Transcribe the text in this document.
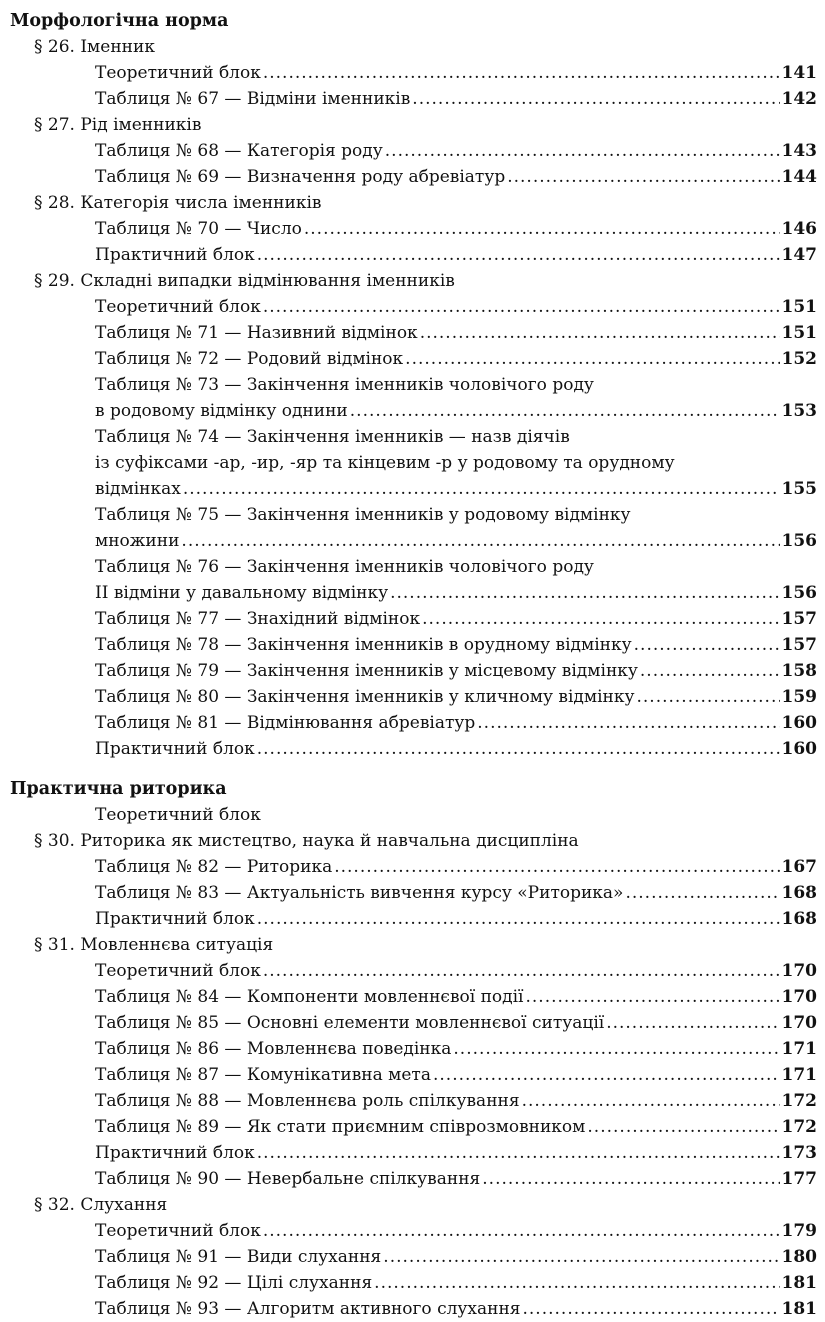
Морфологічна норма
§ 26. Іменник
Теоретичний блок .....	141
Таблиця № 67 — Відміни іменників .....	142
§ 27. Рід іменників
Таблиця № 68 — Категорія роду .....	143
Таблиця № 69 — Визначення роду абревіатур .....	144
§ 28. Категорія числа іменників
Таблиця № 70 — Число .....	146
Практичний блок .....	147
§ 29. Складні випадки відмінювання іменників
Теоретичний блок .....	151
Таблиця № 71 — Називний відмінок .....	151
Таблиця № 72 — Родовий відмінок .....	152
Таблиця № 73 — Закінчення іменників чоловічого роду
в родовому відмінку однини .....	153
Таблиця № 74 — Закінчення іменників — назв діячів
із суфіксами -ар, -ир, -яр та кінцевим -р у родовому та орудному
відмінках .....	155
Таблиця № 75 — Закінчення іменників у родовому відмінку
множини .....	156
Таблиця № 76 — Закінчення іменників чоловічого роду
ІІ відміни у давальному відмінку .....	156
Таблиця № 77 — Знахідний відмінок .....	157
Таблиця № 78 — Закінчення іменників в орудному відмінку .....	157
Таблиця № 79 — Закінчення іменників у місцевому відмінку .....	158
Таблиця № 80 — Закінчення іменників у кличному відмінку .....	159
Таблиця № 81 — Відмінювання абревіатур .....	160
Практичний блок .....	160
Практична риторика
Теоретичний блок
§ 30. Риторика як мистецтво, наука й навчальна дисципліна
Таблиця № 82 — Риторика .....	167
Таблиця № 83 — Актуальність вивчення курсу «Риторика» .....	168
Практичний блок .....	168
§ 31. Мовленнєва ситуація
Теоретичний блок .....	170
Таблиця № 84 — Компоненти мовленнєвої події .....	170
Таблиця № 85 — Основні елементи мовленнєвої ситуації .....	170
Таблиця № 86 — Мовленнєва поведінка .....	171
Таблиця № 87 — Комунікативна мета .....	171
Таблиця № 88 — Мовленнєва роль спілкування .....	172
Таблиця № 89 — Як стати приємним співрозмовником .....	172
Практичний блок .....	173
Таблиця № 90 — Невербальне спілкування .....	177
§ 32. Слухання
Теоретичний блок .....	179
Таблиця № 91 — Види слухання .....	180
Таблиця № 92 — Цілі слухання .....	181
Таблиця № 93 — Алгоритм активного слухання .....	181
